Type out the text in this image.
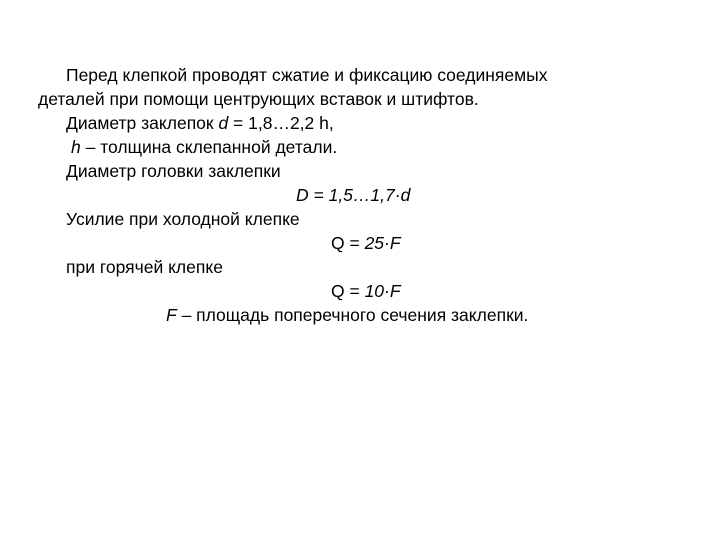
Перед клепкой проводят сжатие и фиксацию соединяемых
деталей при помощи центрующих вставок и штифтов.
Диаметр заклепок d = 1,8…2,2 h,
h – толщина склепанной детали.
Диаметр головки заклепки
D = 1,5…1,7·d
Усилие при холодной клепке
Q = 25·F
при горячей клепке
Q = 10·F
F – площадь поперечного сечения заклепки.
